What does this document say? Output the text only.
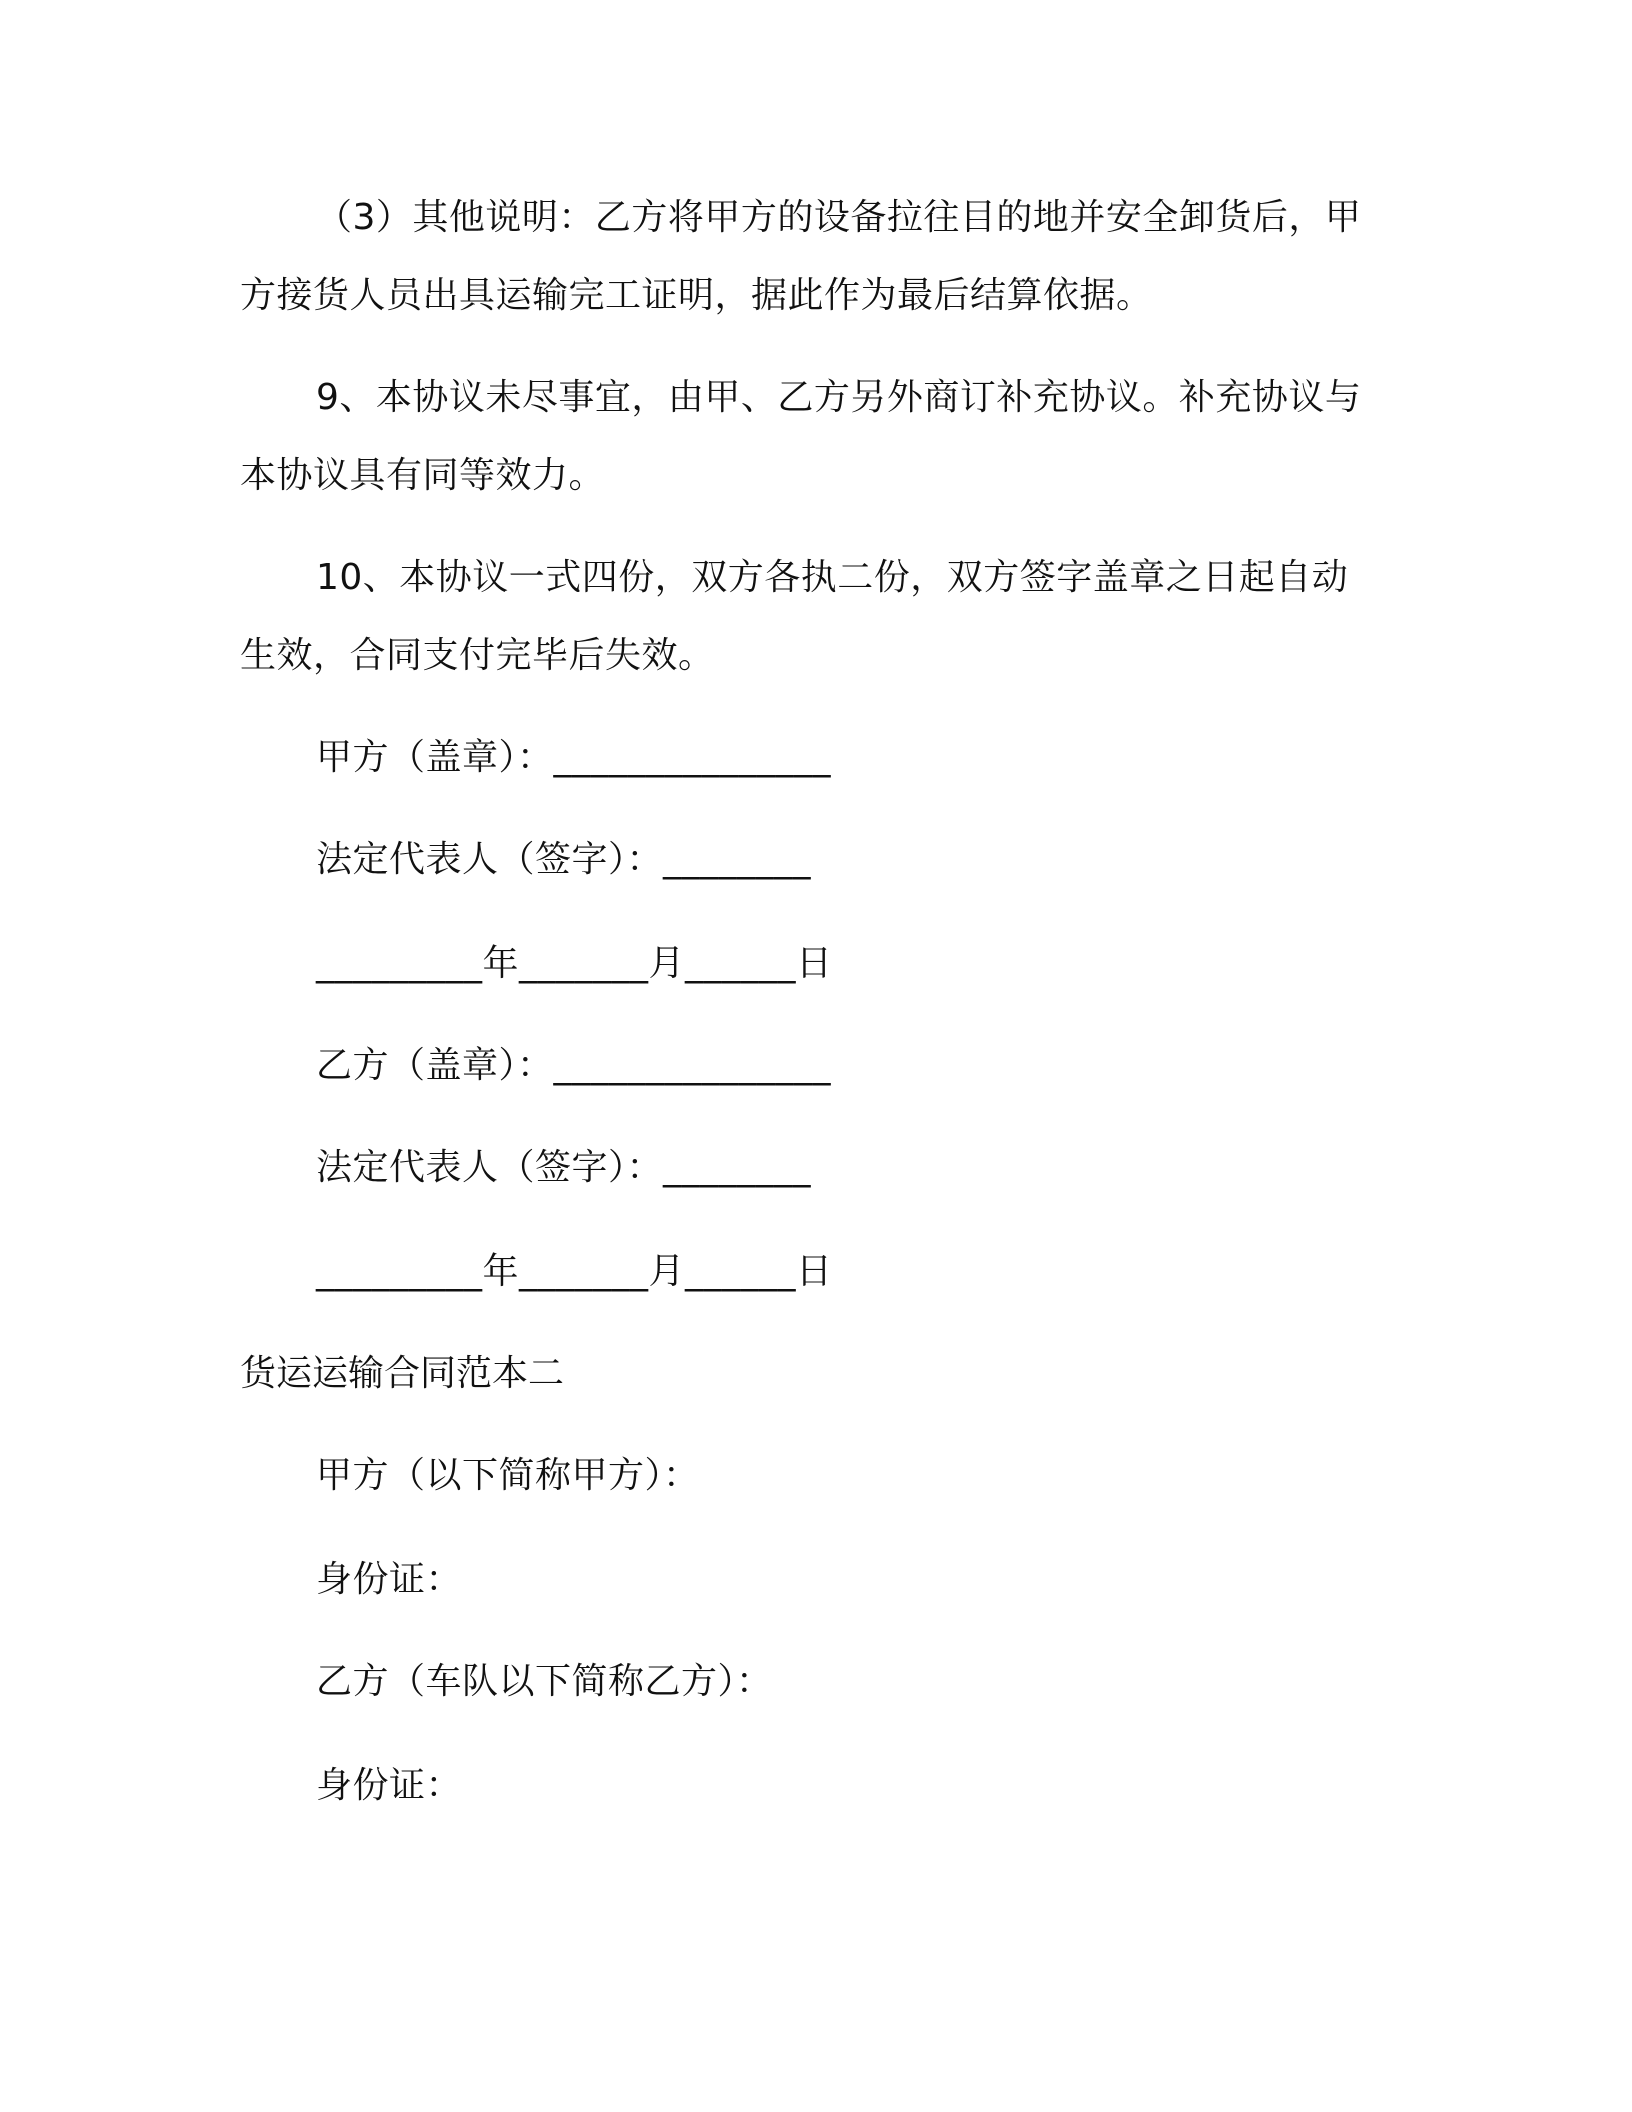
（3）其他说明：乙方将甲方的设备拉往目的地并安全卸货后，甲
方接货人员出具运输完工证明，据此作为最后结算依据。
9、本协议未尽事宜，由甲、乙方另外商订补充协议。补充协议与
本协议具有同等效力。
10、本协议一式四份，双方各执二份，双方签字盖章之日起自动
生效，合同支付完毕后失效。
甲方（盖章）：_______________
法定代表人（签字）：________
_________年_______月______日
乙方（盖章）：_______________
法定代表人（签字）：________
_________年_______月______日
货运运输合同范本二
甲方（以下简称甲方）：
身份证：
乙方（车队以下简称乙方）：
身份证：
